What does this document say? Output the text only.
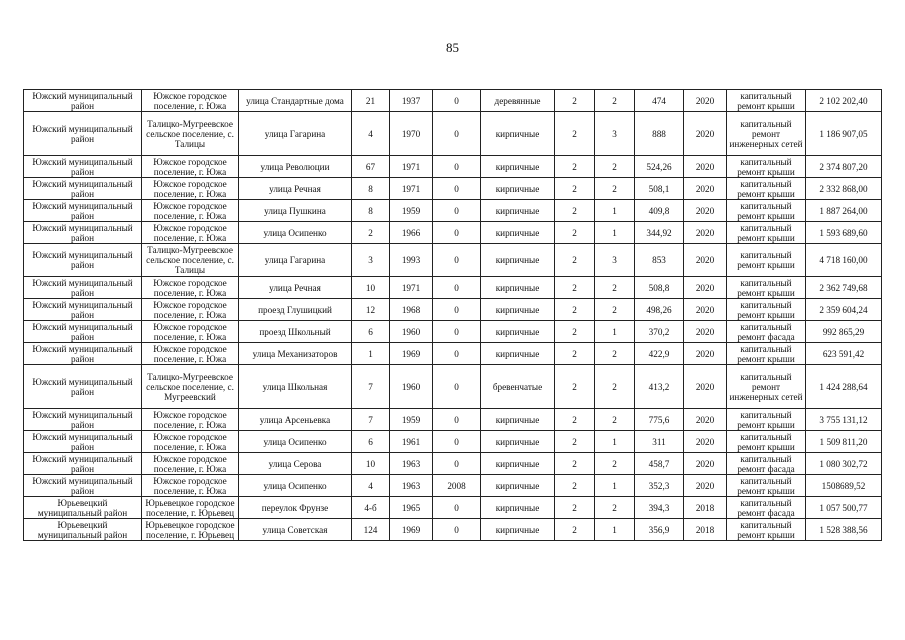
85
Южский муниципальный район	Южское городское поселение, г. Южа	улица Стандартные дома	21	1937	0	деревянные	2	2	474	2020	капитальный ремонт крыши	2 102 202,40
Южский муниципальный район	Талицко-Мугреевское сельское поселение, с. Талицы	улица Гагарина	4	1970	0	кирпичные	2	3	888	2020	капитальный ремонт инженерных сетей	1 186 907,05
Южский муниципальный район	Южское городское поселение, г. Южа	улица Революции	67	1971	0	кирпичные	2	2	524,26	2020	капитальный ремонт крыши	2 374 807,20
Южский муниципальный район	Южское городское поселение, г. Южа	улица Речная	8	1971	0	кирпичные	2	2	508,1	2020	капитальный ремонт крыши	2 332 868,00
Южский муниципальный район	Южское городское поселение, г. Южа	улица Пушкина	8	1959	0	кирпичные	2	1	409,8	2020	капитальный ремонт крыши	1 887 264,00
Южский муниципальный район	Южское городское поселение, г. Южа	улица Осипенко	2	1966	0	кирпичные	2	1	344,92	2020	капитальный ремонт крыши	1 593 689,60
Южский муниципальный район	Талицко-Мугреевское сельское поселение, с. Талицы	улица Гагарина	3	1993	0	кирпичные	2	3	853	2020	капитальный ремонт крыши	4 718 160,00
Южский муниципальный район	Южское городское поселение, г. Южа	улица Речная	10	1971	0	кирпичные	2	2	508,8	2020	капитальный ремонт крыши	2 362 749,68
Южский муниципальный район	Южское городское поселение, г. Южа	проезд Глушицкий	12	1968	0	кирпичные	2	2	498,26	2020	капитальный ремонт крыши	2 359 604,24
Южский муниципальный район	Южское городское поселение, г. Южа	проезд Школьный	6	1960	0	кирпичные	2	1	370,2	2020	капитальный ремонт фасада	992 865,29
Южский муниципальный район	Южское городское поселение, г. Южа	улица Механизаторов	1	1969	0	кирпичные	2	2	422,9	2020	капитальный ремонт крыши	623 591,42
Южский муниципальный район	Талицко-Мугреевское сельское поселение, с. Мугреевский	улица Школьная	7	1960	0	бревенчатые	2	2	413,2	2020	капитальный ремонт инженерных сетей	1 424 288,64
Южский муниципальный район	Южское городское поселение, г. Южа	улица Арсеньевка	7	1959	0	кирпичные	2	2	775,6	2020	капитальный ремонт крыши	3 755 131,12
Южский муниципальный район	Южское городское поселение, г. Южа	улица Осипенко	6	1961	0	кирпичные	2	1	311	2020	капитальный ремонт крыши	1 509 811,20
Южский муниципальный район	Южское городское поселение, г. Южа	улица Серова	10	1963	0	кирпичные	2	2	458,7	2020	капитальный ремонт фасада	1 080 302,72
Южский муниципальный район	Южское городское поселение, г. Южа	улица Осипенко	4	1963	2008	кирпичные	2	1	352,3	2020	капитальный ремонт крыши	1508689,52
Юрьевецкий муниципальный район	Юрьевецкое городское поселение, г. Юрьевец	переулок Фрунзе	4-б	1965	0	кирпичные	2	2	394,3	2018	капитальный ремонт фасада	1 057 500,77
Юрьевецкий муниципальный район	Юрьевецкое городское поселение, г. Юрьевец	улица Советская	124	1969	0	кирпичные	2	1	356,9	2018	капитальный ремонт крыши	1 528 388,56
